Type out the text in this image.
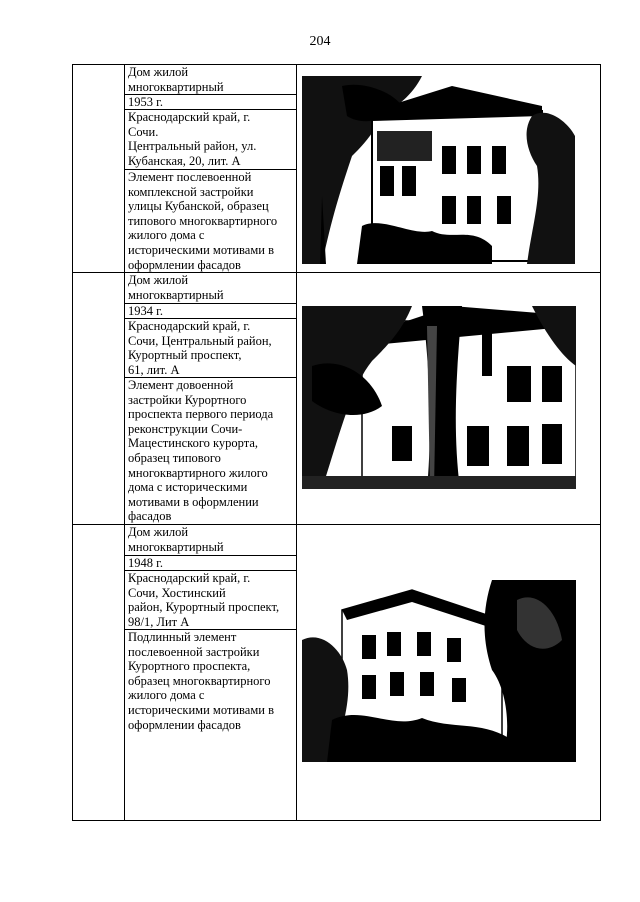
204
Дом жилой
многоквартирный
1953 г.
Краснодарский край, г.
Сочи.
Центральный район, ул.
Кубанская, 20, лит. А
Элемент послевоенной
комплексной застройки
улицы Кубанской, образец
типового многоквартирного
жилого дома с
историческими мотивами в
оформлении фасадов
Дом жилой
многоквартирный
1934 г.
Краснодарский край, г.
Сочи, Центральный район,
Курортный проспект,
61, лит. А
Элемент довоенной
застройки Курортного
проспекта первого периода
реконструкции Сочи-
Мацестинского курорта,
образец типового
многоквартирного жилого
дома с историческими
мотивами в оформлении
фасадов
Дом жилой
многоквартирный
1948 г.
Краснодарский край, г.
Сочи, Хостинский
район, Курортный проспект,
98/1, Лит А
Подлинный элемент
послевоенной застройки
Курортного проспекта,
образец многоквартирного
жилого дома с
историческими мотивами в
оформлении фасадов
